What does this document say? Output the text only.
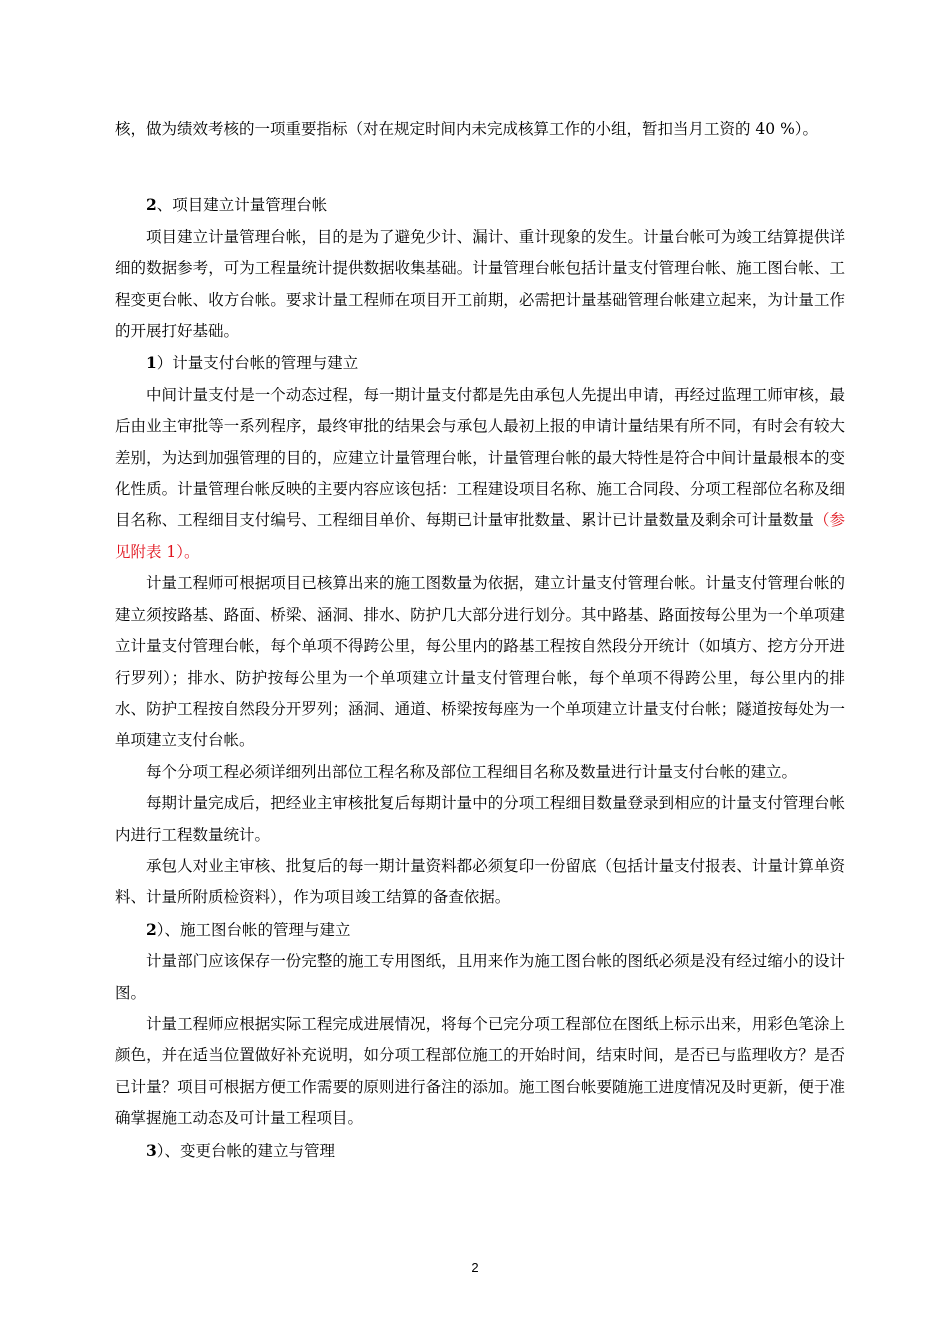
核，做为绩效考核的一项重要指标（对在规定时间内未完成核算工作的小组，暂扣当月工资的 40 %）。

2、项目建立计量管理台帐

项目建立计量管理台帐，目的是为了避免少计、漏计、重计现象的发生。计量台帐可为竣工结算提供详细的数据参考，可为工程量统计提供数据收集基础。计量管理台帐包括计量支付管理台帐、施工图台帐、工程变更台帐、收方台帐。要求计量工程师在项目开工前期，必需把计量基础管理台帐建立起来，为计量工作的开展打好基础。

1）计量支付台帐的管理与建立

中间计量支付是一个动态过程，每一期计量支付都是先由承包人先提出申请，再经过监理工师审核，最后由业主审批等一系列程序，最终审批的结果会与承包人最初上报的申请计量结果有所不同，有时会有较大差别，为达到加强管理的目的，应建立计量管理台帐，计量管理台帐的最大特性是符合中间计量最根本的变化性质。计量管理台帐反映的主要内容应该包括：工程建设项目名称、施工合同段、分项工程部位名称及细目名称、工程细目支付编号、工程细目单价、每期已计量审批数量、累计已计量数量及剩余可计量数量（参见附表 1）。

计量工程师可根据项目已核算出来的施工图数量为依据，建立计量支付管理台帐。计量支付管理台帐的建立须按路基、路面、桥梁、涵洞、排水、防护几大部分进行划分。其中路基、路面按每公里为一个单项建立计量支付管理台帐，每个单项不得跨公里，每公里内的路基工程按自然段分开统计（如填方、挖方分开进行罗列）；排水、防护按每公里为一个单项建立计量支付管理台帐，每个单项不得跨公里，每公里内的排水、防护工程按自然段分开罗列；涵洞、通道、桥梁按每座为一个单项建立计量支付台帐；隧道按每处为一单项建立支付台帐。

每个分项工程必须详细列出部位工程名称及部位工程细目名称及数量进行计量支付台帐的建立。

每期计量完成后，把经业主审核批复后每期计量中的分项工程细目数量登录到相应的计量支付管理台帐内进行工程数量统计。

承包人对业主审核、批复后的每一期计量资料都必须复印一份留底（包括计量支付报表、计量计算单资料、计量所附质检资料），作为项目竣工结算的备查依据。

2）、施工图台帐的管理与建立

计量部门应该保存一份完整的施工专用图纸，且用来作为施工图台帐的图纸必须是没有经过缩小的设计图。

计量工程师应根据实际工程完成进展情况，将每个已完分项工程部位在图纸上标示出来，用彩色笔涂上颜色，并在适当位置做好补充说明，如分项工程部位施工的开始时间，结束时间，是否已与监理收方？是否已计量？项目可根据方便工作需要的原则进行备注的添加。施工图台帐要随施工进度情况及时更新，便于准确掌握施工动态及可计量工程项目。

3）、变更台帐的建立与管理

2
